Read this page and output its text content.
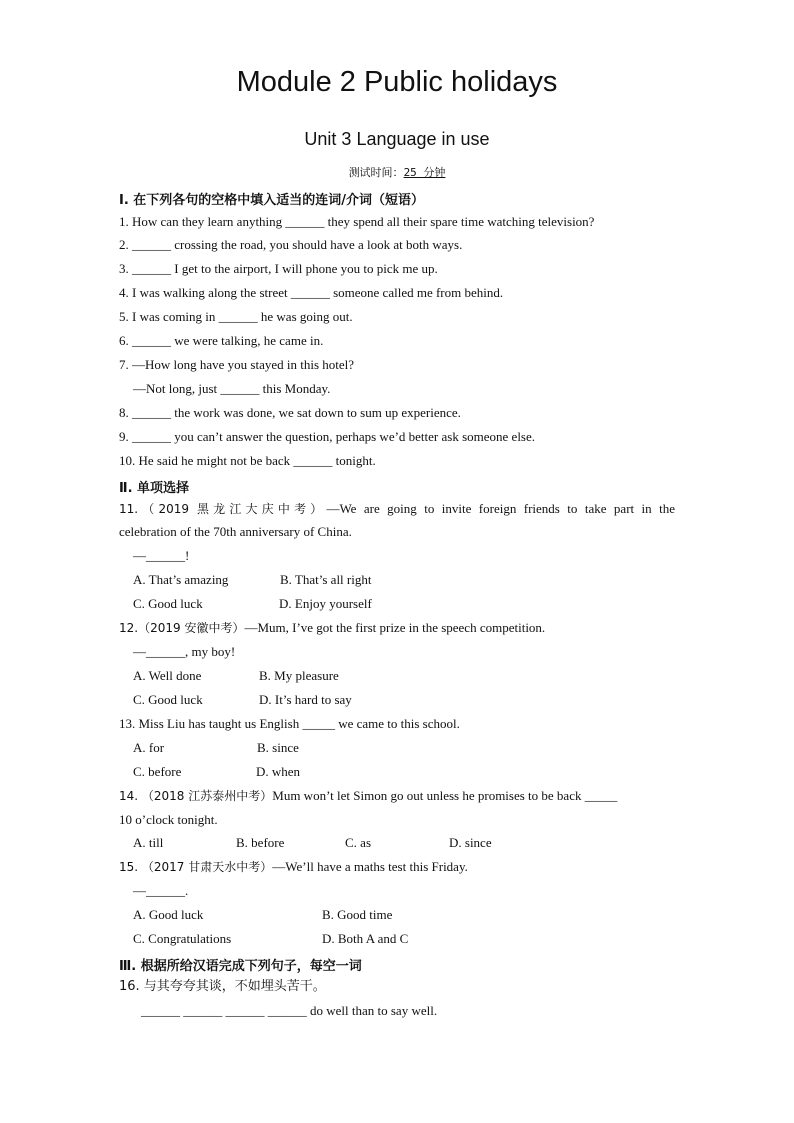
Module 2 Public holidays
Unit 3 Language in use
测试时间：25 分钟
Ⅰ. 在下列各句的空格中填入适当的连词/介词（短语）
1. How can they learn anything ______ they spend all their spare time watching television?
2. ______ crossing the road, you should have a look at both ways.
3. ______ I get to the airport, I will phone you to pick me up.
4. I was walking along the street ______ someone called me from behind.
5. I was coming in ______ he was going out.
6. ______ we were talking, he came in.
7. —How long have you stayed in this hotel?
—Not long, just ______ this Monday.
8. ______ the work was done, we sat down to sum up experience.
9. ______ you can’t answer the question, perhaps we’d better ask someone else.
10. He said he might not be back ______ tonight.
Ⅱ. 单项选择
11.（2019 黑龙江大庆中考）—We are going to invite foreign friends to take part in the
celebration of the 70th anniversary of China.
—______!
A. That’s amazing	B. That’s all right
C. Good luck	D. Enjoy yourself
12.（2019 安徽中考）—Mum, I’ve got the first prize in the speech competition.
—______, my boy!
A. Well done	B. My pleasure
C. Good luck	D. It’s hard to say
13. Miss Liu has taught us English _____ we came to this school.
A. for	B. since
C. before	D. when
14. （2018 江苏泰州中考）Mum won’t let Simon go out unless he promises to be back _____
10 o’clock tonight.
A. till	B. before	C. as	D. since
15. （2017 甘肃天水中考）—We’ll have a maths test this Friday.
—______.
A. Good luck	B. Good time
C. Congratulations	D. Both A and C
Ⅲ. 根据所给汉语完成下列句子，每空一词
16. 与其夸夸其谈，不如埋头苦干。
______ ______ ______ ______ do well than to say well.
